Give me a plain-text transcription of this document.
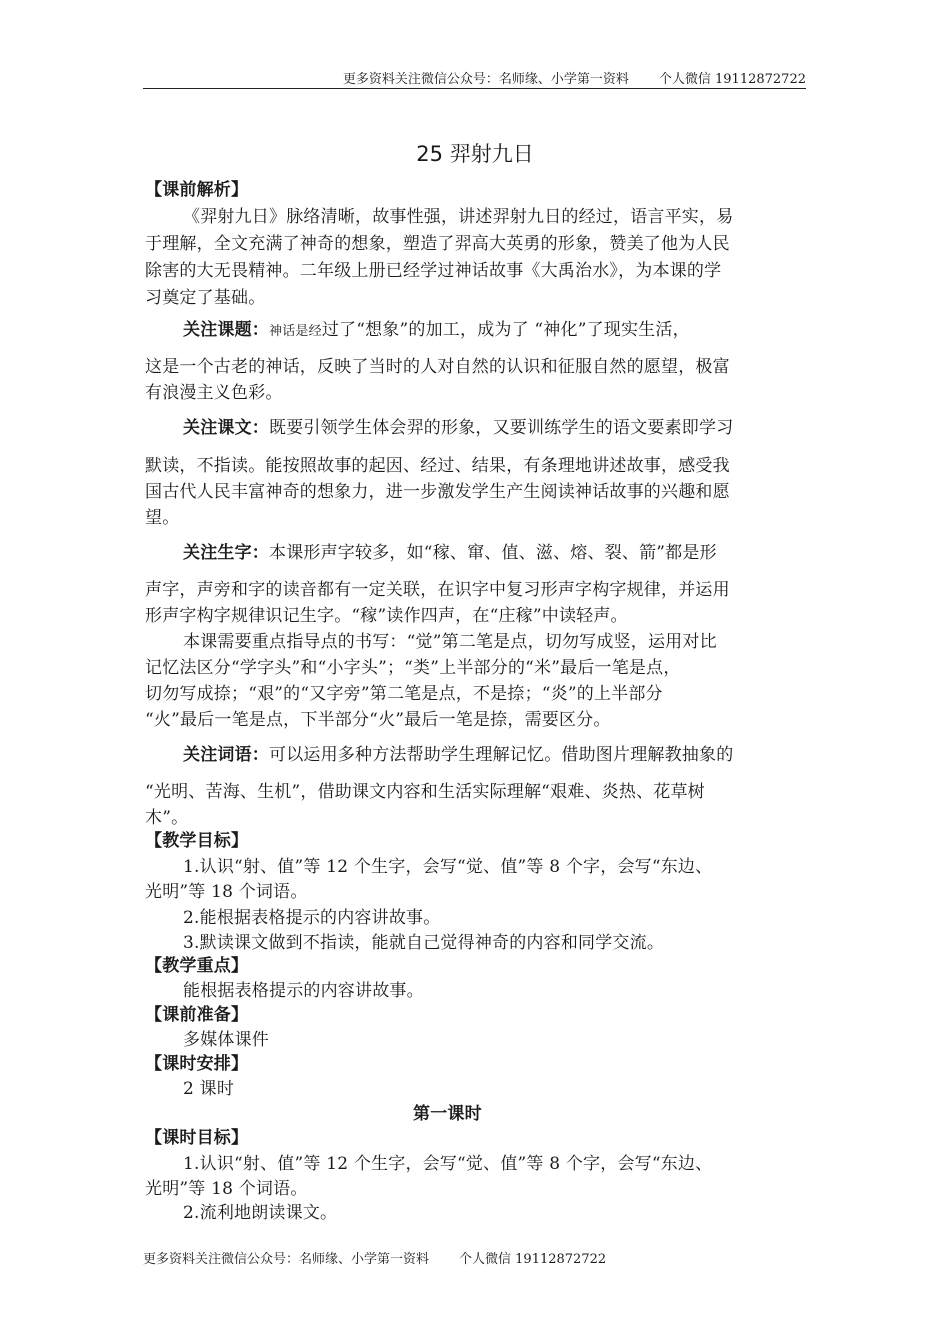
更多资料关注微信公众号：名师缘、小学第一资料 个人微信 19112872722
25 羿射九日
【课前解析】
《羿射九日》脉络清晰，故事性强，讲述羿射九日的经过，语言平实，易
于理解，全文充满了神奇的想象，塑造了羿高大英勇的形象，赞美了他为人民
除害的大无畏精神。二年级上册已经学过神话故事《大禹治水》，为本课的学
习奠定了基础。
关注课题：神话是经过了“想象”的加工，成为了 “神化”了现实生活，
这是一个古老的神话，反映了当时的人对自然的认识和征服自然的愿望，极富
有浪漫主义色彩。
关注课文：既要引领学生体会羿的形象，又要训练学生的语文要素即学习
默读，不指读。能按照故事的起因、经过、结果，有条理地讲述故事，感受我
国古代人民丰富神奇的想象力，进一步激发学生产生阅读神话故事的兴趣和愿
望。
关注生字：本课形声字较多，如“稼、窜、值、滋、熔、裂、箭”都是形
声字，声旁和字的读音都有一定关联，在识字中复习形声字构字规律，并运用
形声字构字规律识记生字。“稼”读作四声，在“庄稼”中读轻声。
本课需要重点指导点的书写：“觉”第二笔是点，切勿写成竖，运用对比
记忆法区分“学字头”和“小字头”；“类”上半部分的“米”最后一笔是点，
切勿写成捺；“艰”的“又字旁”第二笔是点，不是捺；“炎”的上半部分
“火”最后一笔是点，下半部分“火”最后一笔是捺，需要区分。
关注词语：可以运用多种方法帮助学生理解记忆。借助图片理解教抽象的
“光明、苦海、生机”，借助课文内容和生活实际理解“艰难、炎热、花草树
木”。
【教学目标】
1.认识“射、值”等 12 个生字，会写“觉、值”等 8 个字，会写“东边、
光明”等 18 个词语。
2.能根据表格提示的内容讲故事。
3.默读课文做到不指读，能就自己觉得神奇的内容和同学交流。
【教学重点】
能根据表格提示的内容讲故事。
【课前准备】
多媒体课件
【课时安排】
2 课时
第一课时
【课时目标】
1.认识“射、值”等 12 个生字，会写“觉、值”等 8 个字，会写“东边、
光明”等 18 个词语。
2.流利地朗读课文。
更多资料关注微信公众号：名师缘、小学第一资料 个人微信 19112872722
